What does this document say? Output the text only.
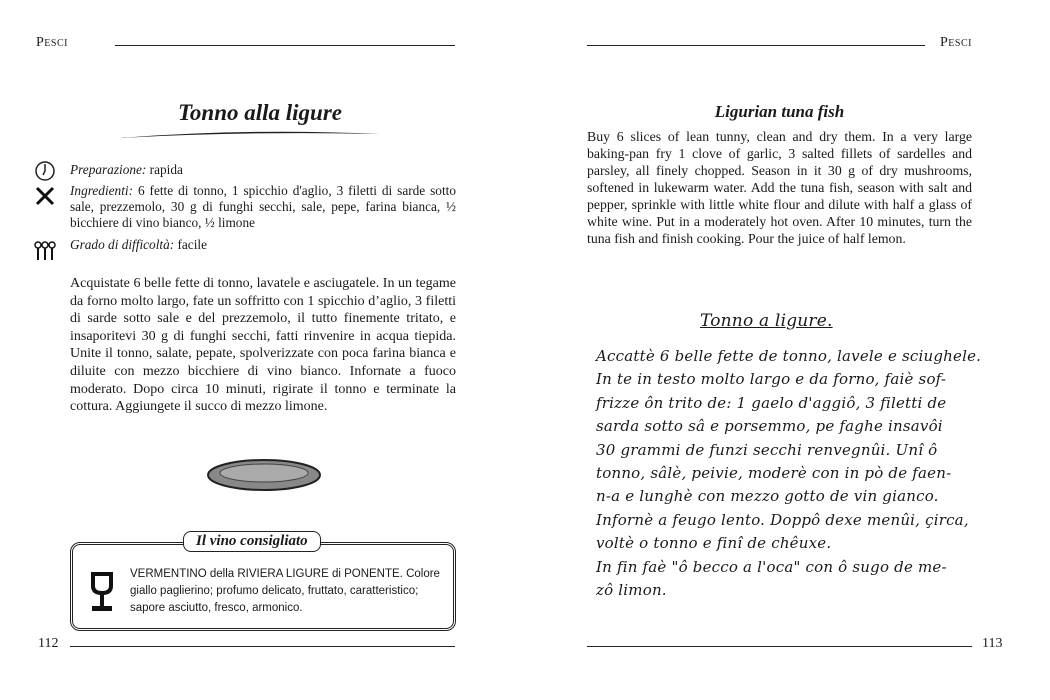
Pesci
Tonno alla ligure
Preparazione: rapida
Ingredienti: 6 fette di tonno, 1 spicchio d'aglio, 3 filetti di sarde sotto sale, prezzemolo, 30 g di funghi secchi, sale, pepe, farina bianca, ½ bicchiere di vino bianco, ½ limone
Grado di difficoltà: facile
Acquistate 6 belle fette di tonno, lavatele e asciugatele. In un tegame da forno molto largo, fate un soffritto con 1 spicchio d’aglio, 3 filetti di sarde sotto sale e del prezzemolo, il tutto finemente tritato, e insaporitevi 30 g di funghi secchi, fatti rinvenire in acqua tiepida. Unite il tonno, salate, pepate, spolverizzate con poca farina bianca e diluite con mezzo bicchiere di vino bianco. Infornate a fuoco moderato. Dopo circa 10 minuti, rigirate il tonno e terminate la cottura. Aggiungete il succo di mezzo limone.
Il vino consigliato
VERMENTINO della RIVIERA LIGURE di PONENTE. Colore giallo paglierino; profumo delicato, fruttato, caratteristico; sapore asciutto, fresco, armonico.
112
Pesci
Ligurian tuna fish
Buy 6 slices of lean tunny, clean and dry them. In a very large baking-pan fry 1 clove of garlic, 3 salted fillets of sardelles and parsley, all finely chopped. Season in it 30 g of dry mushrooms, softened in lukewarm water. Add the tuna fish, season with salt and pepper, sprinkle with little white flour and dilute with half a glass of white wine. Put in a moderately hot oven. After 10 minutes, turn the tuna fish and finish cooking. Pour the juice of half lemon.
Tonno a ligure.
Accattè 6 belle fette de tonno, lavele e sciughele.
In te in testo molto largo e da forno, faiè sof-
frizze ôn trito de: 1 gaelo d'aggiô, 3 filetti de
sarda sotto sâ e porsemmo, pe faghe insavôi
30 grammi de funzi secchi renvegnûi. Unî ô
tonno, sâlè, peivie, moderè con in pò de faen-
n-a e lunghè con mezzo gotto de vin gianco.
Infornè a feugo lento. Doppô dexe menûi, çirca,
voltè o tonno e finî de chêuxe.
In fin faè "ô becco a l'oca" con ô sugo de me-
zô limon.
113
